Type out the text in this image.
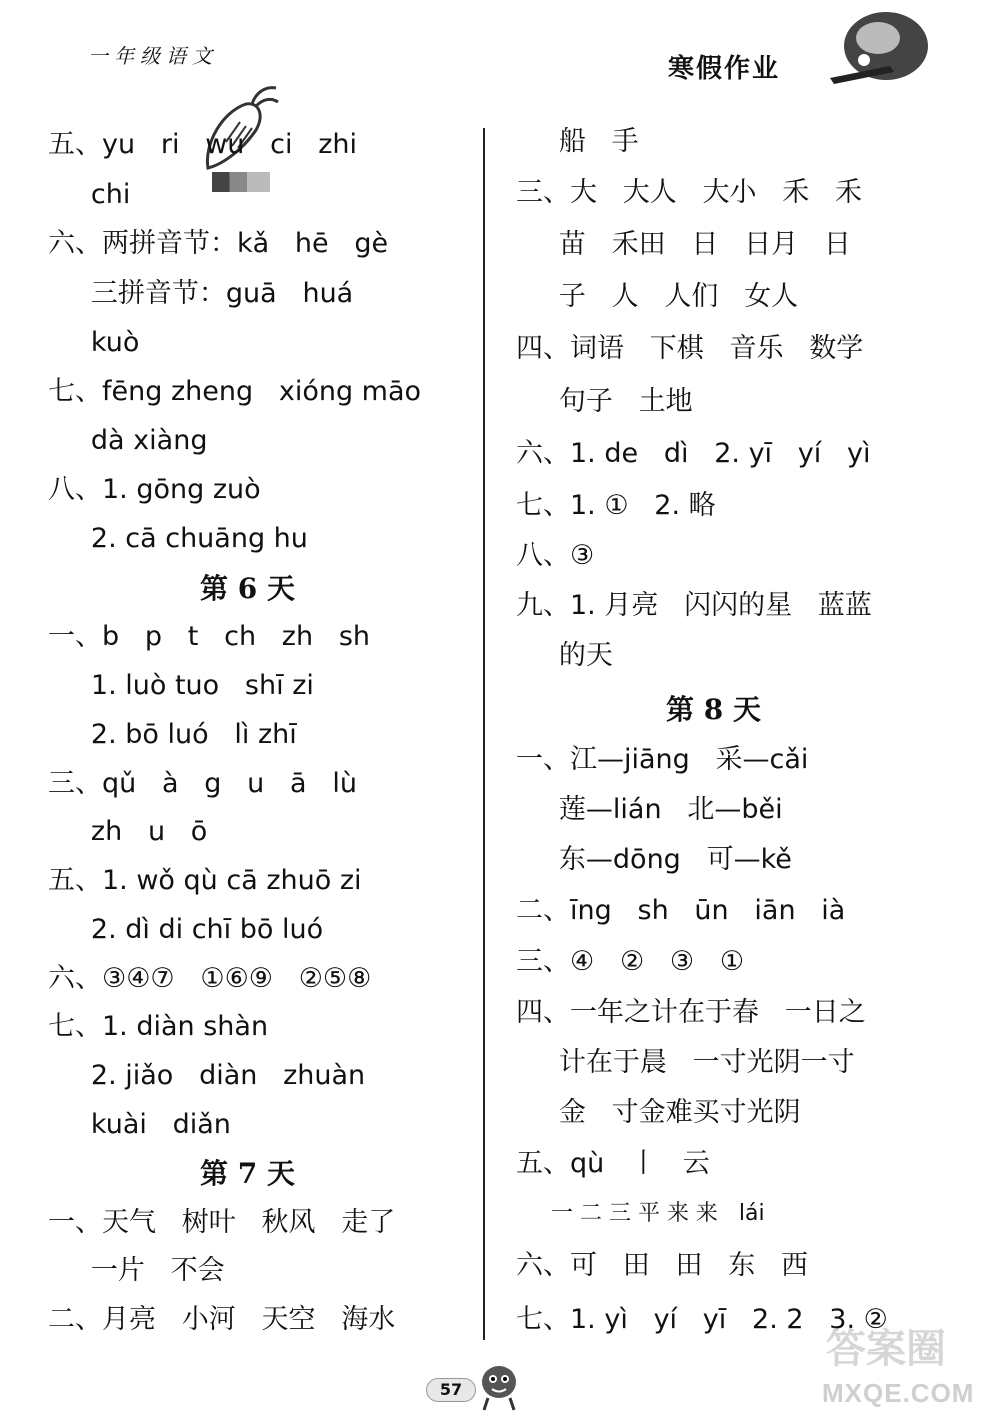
一年级语文	寒假作业
五、yu   ri   wu   ci   zhi
chi
六、两拼音节：kǎ   hē   gè
三拼音节：guā   huá
kuò
七、fēng zheng   xióng māo
dà xiàng
八、1. gōng zuò
2. cā chuāng hu
第 6 天
一、b   p   t   ch   zh   sh
1. luò tuo   shī zi
2. bō luó   lì zhī
三、qǔ   à   g   u   ā   lù
zh   u   ō
五、1. wǒ qù cā zhuō zi
2. dì di chī bō luó
六、③④⑦   ①⑥⑨   ②⑤⑧
七、1. diàn shàn
2. jiǎo   diàn   zhuàn
kuài   diǎn
第 7 天
一、天气   树叶   秋风   走了
一片   不会
二、月亮   小河   天空   海水
船   手
三、大   大人   大小   禾   禾
苗   禾田   日   日月   日
子   人   人们   女人
四、词语   下棋   音乐   数学
句子   土地
六、1. de   dì   2. yī   yí   yì
七、1. ①   2. 略
八、③
九、1. 月亮   闪闪的星   蓝蓝
的天
第 8 天
一、江—jiāng   采—cǎi
莲—lián   北—běi
东—dōng   可—kě
二、īng   sh   ūn   iān   ià
三、④   ②   ③   ①
四、一年之计在于春   一日之
计在于晨   一寸光阴一寸
金   寸金难买寸光阴
五、qù   丨   云
一 二 三 平 来 来   lái
六、可   田   田   东   西
七、1. yì   yí   yī   2. 2   3. ②
57
答案圈
MXQE.COM
